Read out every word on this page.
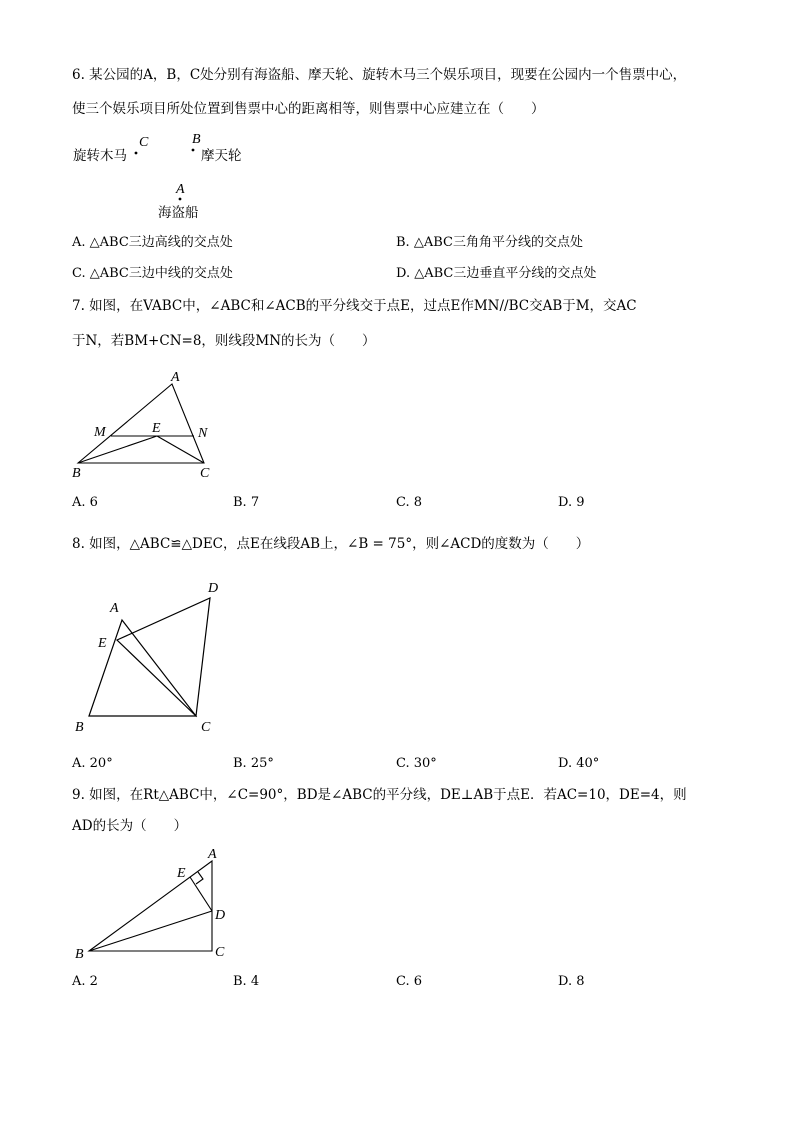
6. 某公园的A，B，C处分别有海盗船、摩天轮、旋转木马三个娱乐项目，现要在公园内一个售票中心，
使三个娱乐项目所处位置到售票中心的距离相等，则售票中心应建立在（　　）
旋转木马	摩天轮
海盗船
C	B
A
A. △ABC三边高线的交点处	B. △ABC三角角平分线的交点处
C. △ABC三边中线的交点处	D. △ABC三边垂直平分线的交点处
7. 如图，在VABC中，∠ABC和∠ACB的平分线交于点E，过点E作MN//BC交AB于M，交AC
于N，若BM+CN=8，则线段MN的长为（　　）
A
B	C
M	N
E
A. 6	B. 7	C. 8	D. 9
8. 如图，△ABC≌△DEC，点E在线段AB上，∠B = 75°，则∠ACD的度数为（　　）
A
D
E
B	C
A. 20°	B. 25°	C. 30°	D. 40°
9. 如图，在Rt△ABC中，∠C=90°，BD是∠ABC的平分线，DE⊥AB于点E．若AC=10，DE=4，则
AD的长为（　　）
A
E
D
B	C
A. 2	B. 4	C. 6	D. 8
